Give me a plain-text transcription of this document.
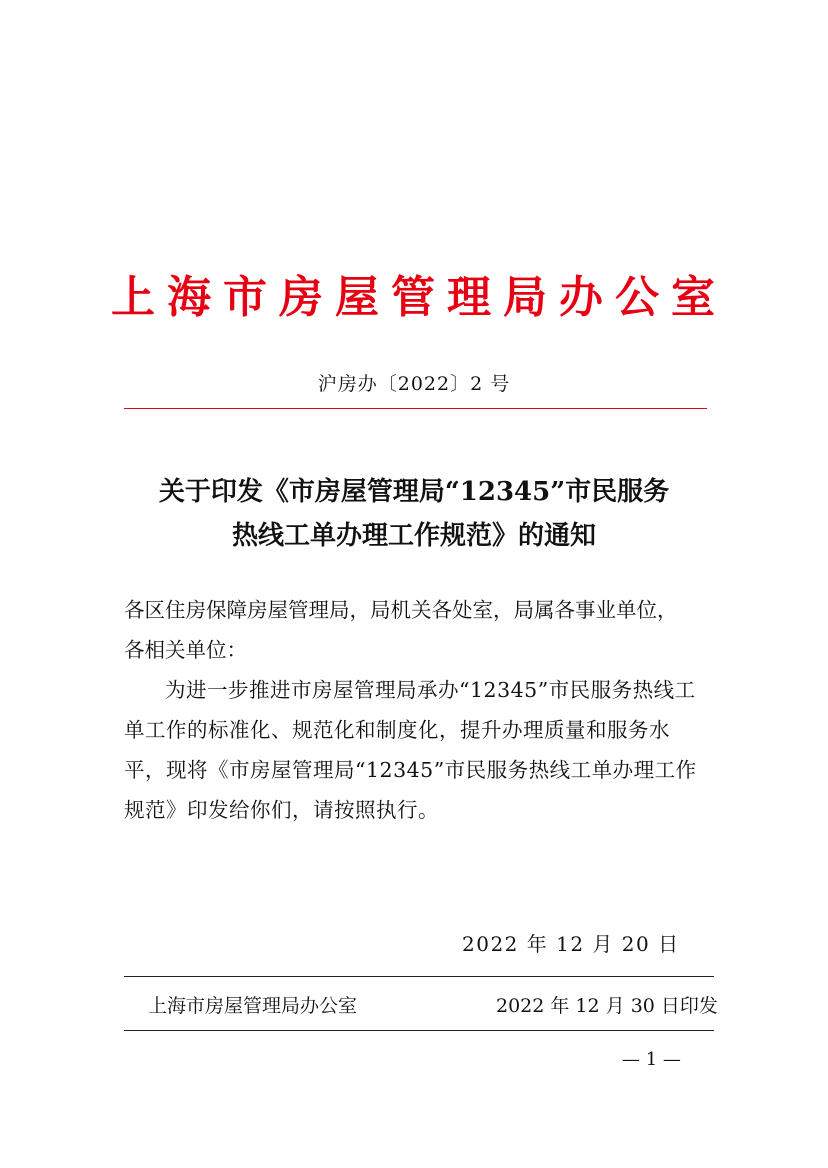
上海市房屋管理局办公室
沪房办〔2022〕2 号
关于印发《市房屋管理局“12345”市民服务
热线工单办理工作规范》的通知

各区住房保障房屋管理局，局机关各处室，局属各事业单位，

各相关单位：

为进一步推进市房屋管理局承办“12345”市民服务热线工单工作的标准化、规范化和制度化，提升办理质量和服务水平，现将《市房屋管理局“12345”市民服务热线工单办理工作规范》印发给你们，请按照执行。

2022 年 12 月 20 日
上海市房屋管理局办公室	2022 年 12 月 30 日印发
— 1 —
